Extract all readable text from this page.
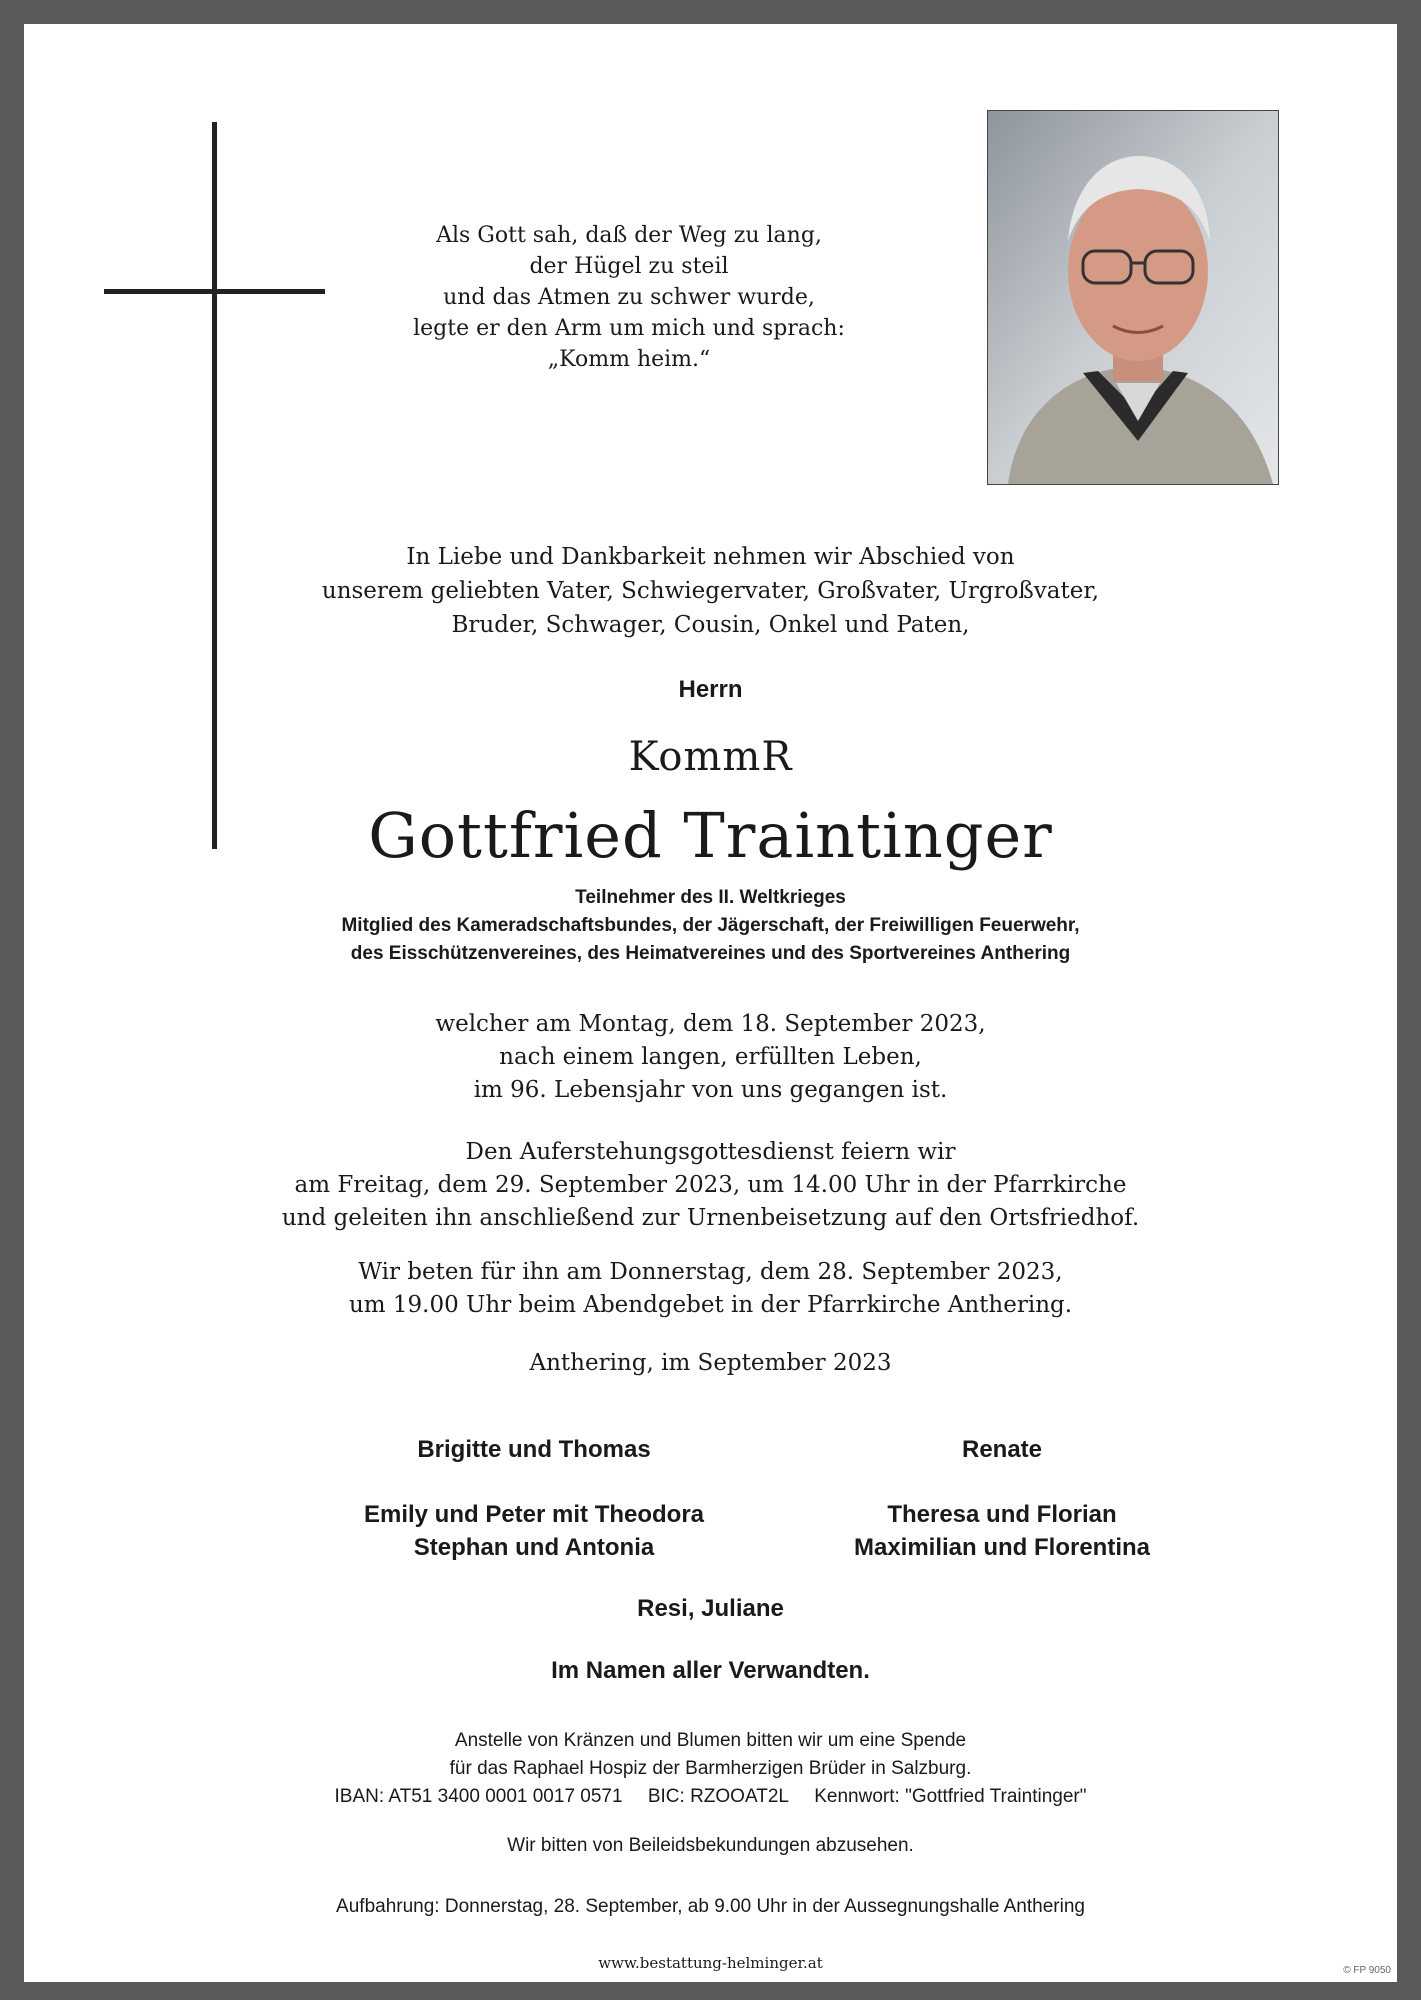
Als Gott sah, daß der Weg zu lang,
der Hügel zu steil
und das Atmen zu schwer wurde,
legte er den Arm um mich und sprach:
„Komm heim.“
In Liebe und Dankbarkeit nehmen wir Abschied von
unserem geliebten Vater, Schwiegervater, Großvater, Urgroßvater,
Bruder, Schwager, Cousin, Onkel und Paten,
Herrn
KommR
Gottfried Traintinger
Teilnehmer des II. Weltkrieges
Mitglied des Kameradschaftsbundes, der Jägerschaft, der Freiwilligen Feuerwehr,
des Eisschützenvereines, des Heimatvereines und des Sportvereines Anthering
welcher am Montag, dem 18. September 2023,
nach einem langen, erfüllten Leben,
im 96. Lebensjahr von uns gegangen ist.
Den Auferstehungsgottesdienst feiern wir
am Freitag, dem 29. September 2023, um 14.00 Uhr in der Pfarrkirche
und geleiten ihn anschließend zur Urnenbeisetzung auf den Ortsfriedhof.
Wir beten für ihn am Donnerstag, dem 28. September 2023,
um 19.00 Uhr beim Abendgebet in der Pfarrkirche Anthering.
Anthering, im September 2023
Brigitte und Thomas	Renate
Emily und Peter mit Theodora
Stephan und Antonia
Theresa und Florian
Maximilian und Florentina
Resi, Juliane
Im Namen aller Verwandten.
Anstelle von Kränzen und Blumen bitten wir um eine Spende
für das Raphael Hospiz der Barmherzigen Brüder in Salzburg.
IBAN: AT51 3400 0001 0017 0571 BIC: RZOOAT2L Kennwort: "Gottfried Traintinger"
Wir bitten von Beileidsbekundungen abzusehen.
Aufbahrung: Donnerstag, 28. September, ab 9.00 Uhr in der Aussegnungshalle Anthering
www.bestattung-helminger.at	© FP 9050
